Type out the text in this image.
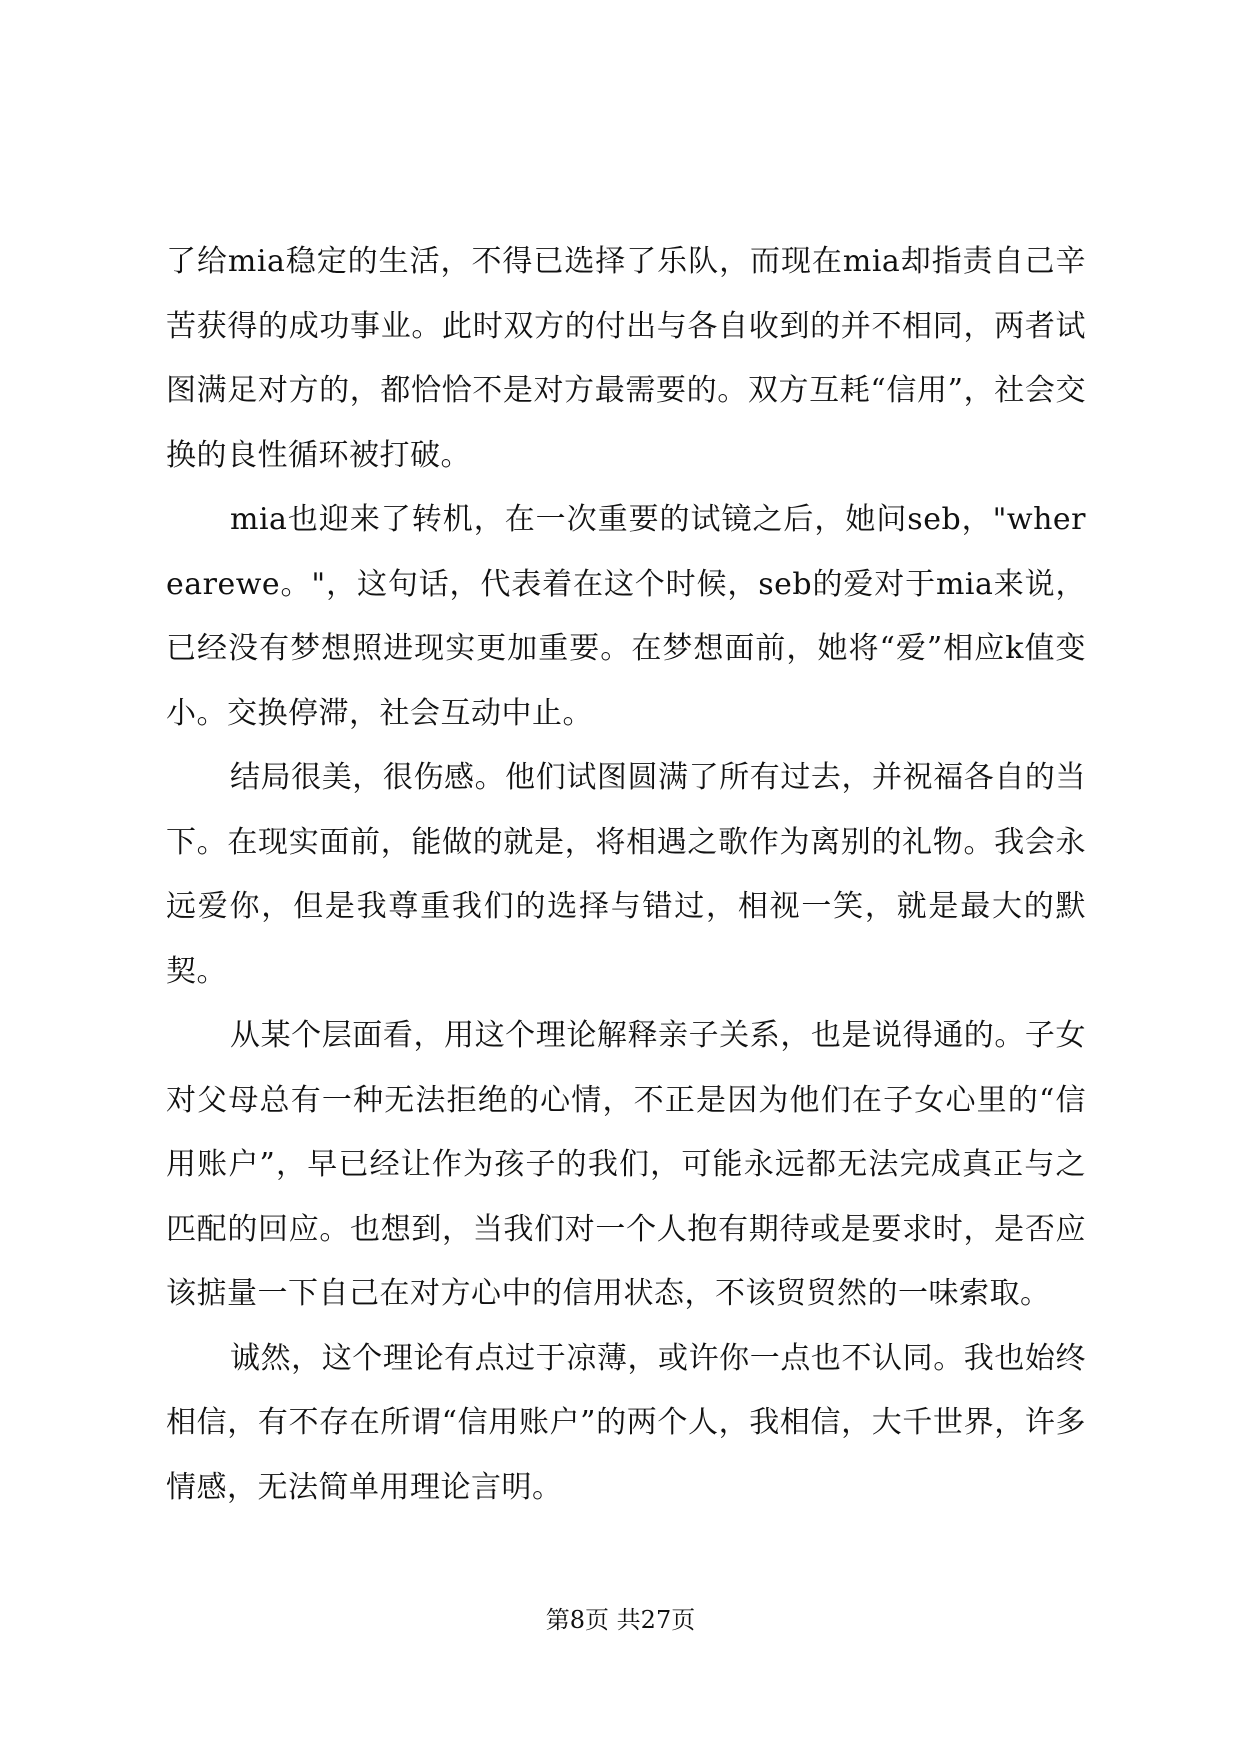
了给mia稳定的生活，不得已选择了乐队，而现在mia却指责自己辛苦获得的成功事业。此时双方的付出与各自收到的并不相同，两者试图满足对方的，都恰恰不是对方最需要的。双方互耗“信用”，社会交换的良性循环被打破。

mia也迎来了转机，在一次重要的试镜之后，她问seb，"wherearewe。"，这句话，代表着在这个时候，seb的爱对于mia来说，已经没有梦想照进现实更加重要。在梦想面前，她将“爱”相应k值变小。交换停滞，社会互动中止。

结局很美，很伤感。他们试图圆满了所有过去，并祝福各自的当下。在现实面前，能做的就是，将相遇之歌作为离别的礼物。我会永远爱你，但是我尊重我们的选择与错过，相视一笑，就是最大的默契。

从某个层面看，用这个理论解释亲子关系，也是说得通的。子女对父母总有一种无法拒绝的心情，不正是因为他们在子女心里的“信用账户”，早已经让作为孩子的我们，可能永远都无法完成真正与之匹配的回应。也想到，当我们对一个人抱有期待或是要求时，是否应该掂量一下自己在对方心中的信用状态，不该贸贸然的一味索取。

诚然，这个理论有点过于凉薄，或许你一点也不认同。我也始终相信，有不存在所谓“信用账户”的两个人，我相信，大千世界，许多情感，无法简单用理论言明。

第8页 共27页
